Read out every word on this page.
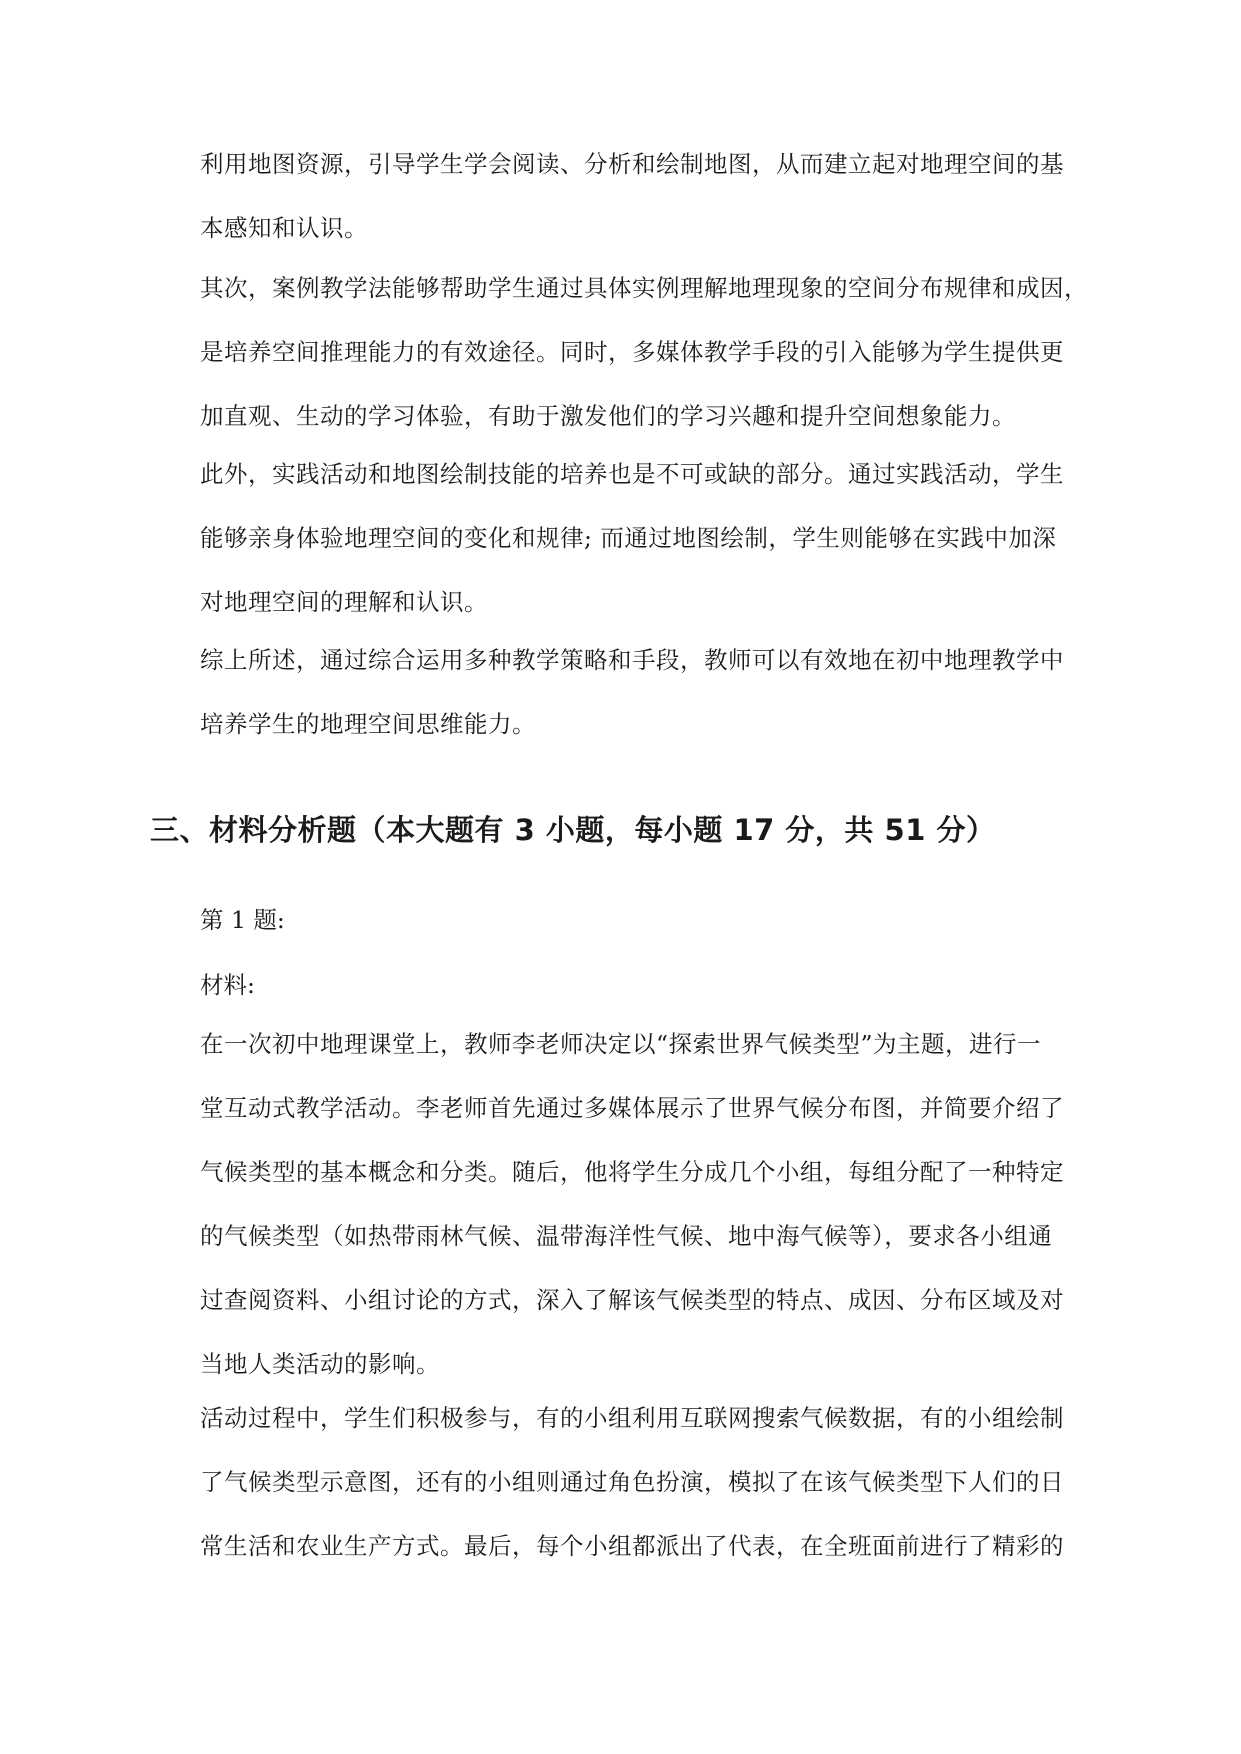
利用地图资源，引导学生学会阅读、分析和绘制地图，从而建立起对地理空间的基
本感知和认识。
其次，案例教学法能够帮助学生通过具体实例理解地理现象的空间分布规律和成因，
是培养空间推理能力的有效途径。同时，多媒体教学手段的引入能够为学生提供更
加直观、生动的学习体验，有助于激发他们的学习兴趣和提升空间想象能力。
此外，实践活动和地图绘制技能的培养也是不可或缺的部分。通过实践活动，学生
能够亲身体验地理空间的变化和规律; 而通过地图绘制，学生则能够在实践中加深
对地理空间的理解和认识。
综上所述，通过综合运用多种教学策略和手段，教师可以有效地在初中地理教学中
培养学生的地理空间思维能力。
三、材料分析题（本大题有 3 小题，每小题 17 分，共 51 分）

第 1 题:

材料:

在一次初中地理课堂上，教师李老师决定以“探索世界气候类型”为主题，进行一
堂互动式教学活动。李老师首先通过多媒体展示了世界气候分布图，并简要介绍了
气候类型的基本概念和分类。随后，他将学生分成几个小组，每组分配了一种特定
的气候类型（如热带雨林气候、温带海洋性气候、地中海气候等），要求各小组通
过查阅资料、小组讨论的方式，深入了解该气候类型的特点、成因、分布区域及对
当地人类活动的影响。
活动过程中，学生们积极参与，有的小组利用互联网搜索气候数据，有的小组绘制
了气候类型示意图，还有的小组则通过角色扮演，模拟了在该气候类型下人们的日
常生活和农业生产方式。最后，每个小组都派出了代表，在全班面前进行了精彩的
